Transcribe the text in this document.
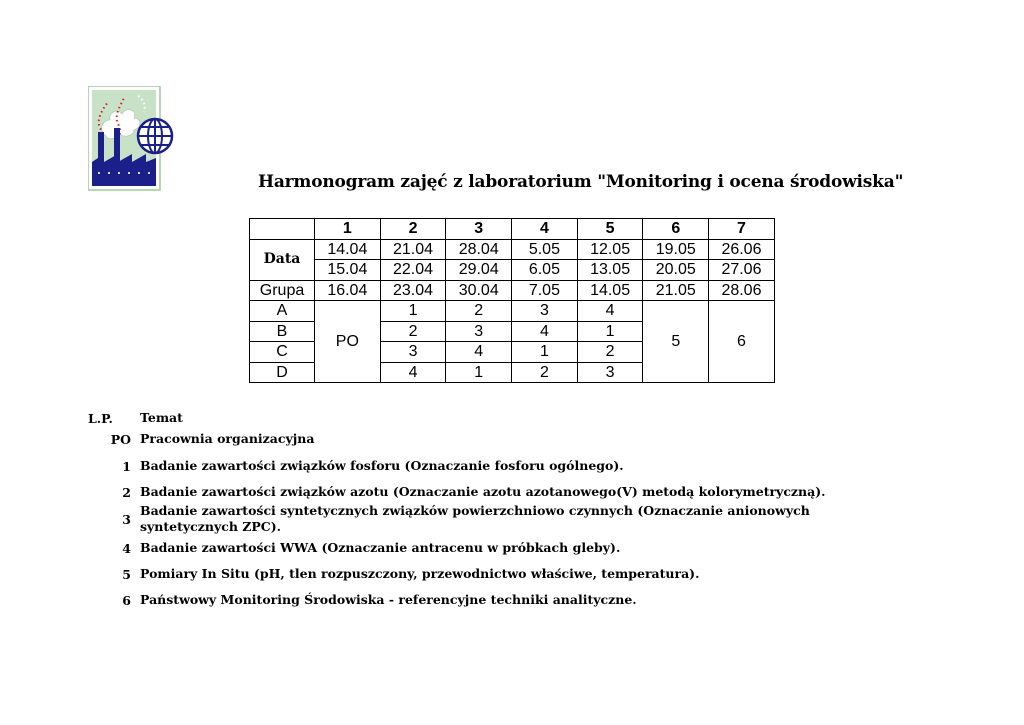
Harmonogram zajęć z laboratorium "Monitoring i ocena środowiska"
	1	2	3	4	5	6	7
Data	14.04	21.04	28.04	5.05	12.05	19.05	26.06
	15.04	22.04	29.04	6.05	13.05	20.05	27.06
Grupa	16.04	23.04	30.04	7.05	14.05	21.05	28.06
A	PO	1	2	3	4	5	6
B		2	3	4	1		
C		3	4	1	2		
D		4	1	2	3		
L.P.	Temat
PO Pracownia organizacyjna
1 Badanie zawartości związków fosforu (Oznaczanie fosforu ogólnego).
2 Badanie zawartości związków azotu (Oznaczanie azotu azotanowego(V) metodą kolorymetryczną).
3
Badanie zawartości syntetycznych związków powierzchniowo czynnych (Oznaczanie anionowych syntetycznych ZPC).
4 Badanie zawartości WWA (Oznaczanie antracenu w próbkach gleby).
5 Pomiary In Situ (pH, tlen rozpuszczony, przewodnictwo właściwe, temperatura).
6 Państwowy Monitoring Środowiska - referencyjne techniki analityczne.
